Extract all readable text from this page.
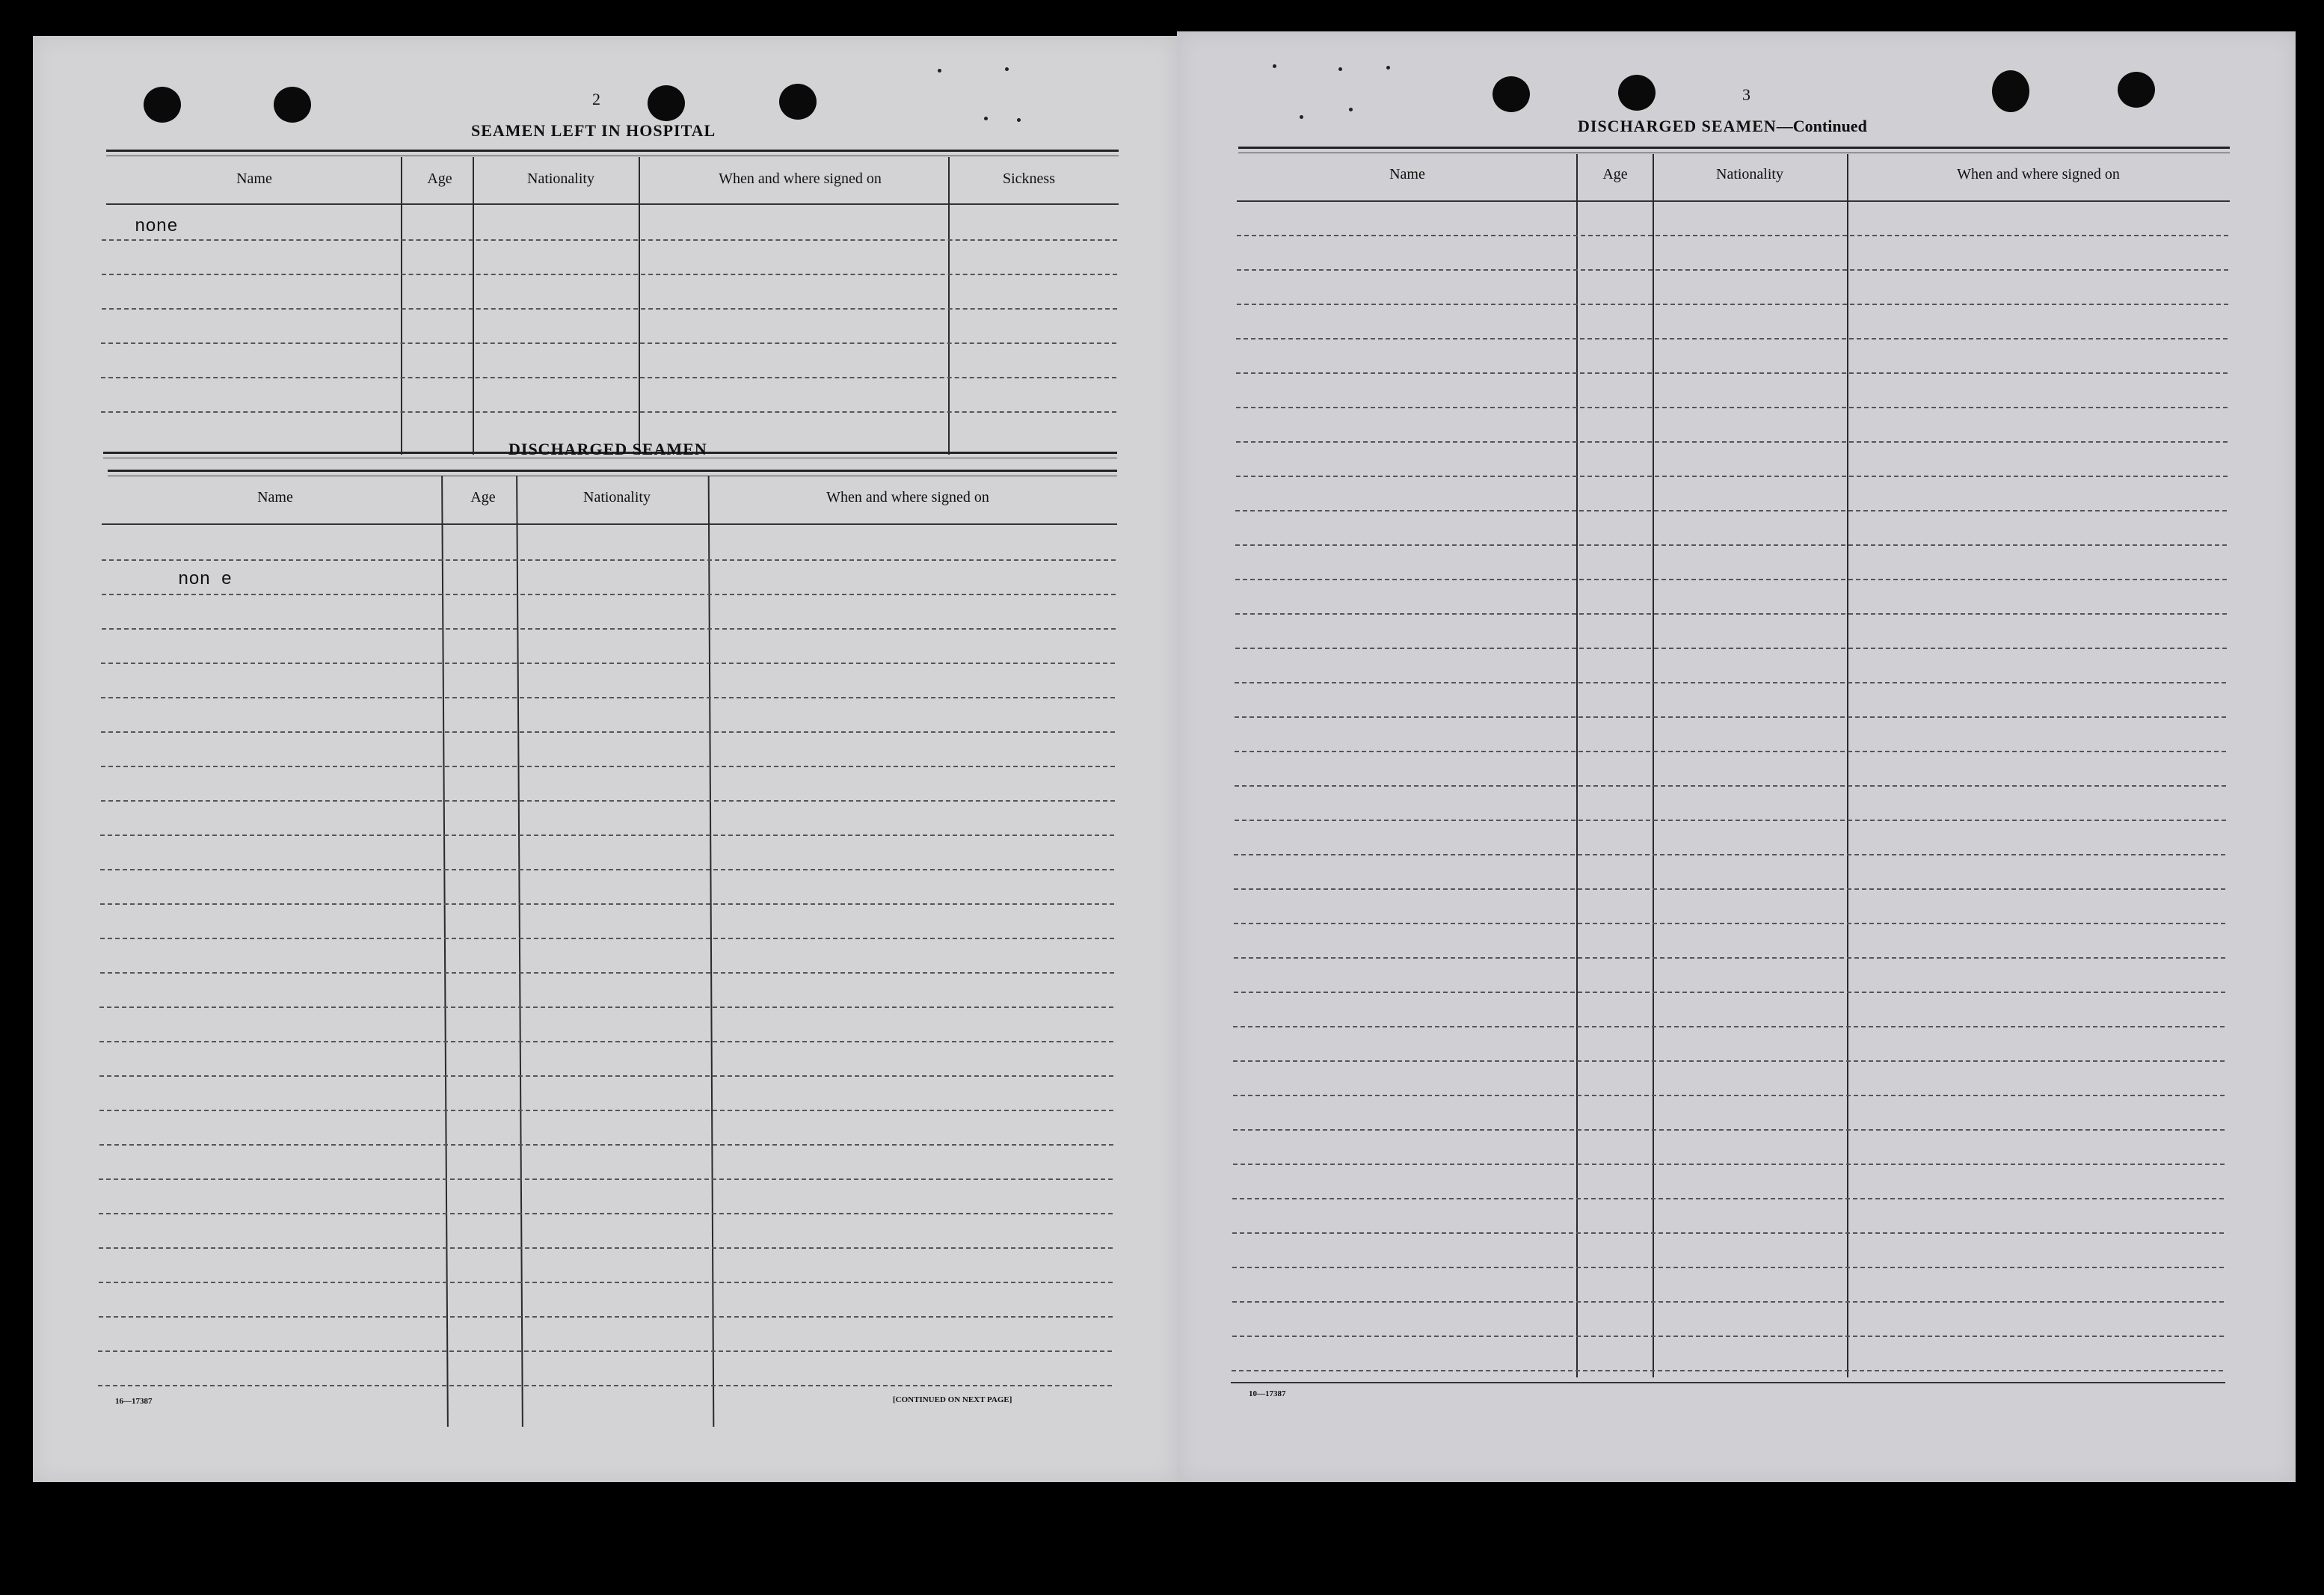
2
SEAMEN LEFT IN HOSPITAL
Name	Age	Nationality	When and where signed on	Sickness
none
DISCHARGED SEAMEN
Name	Age	Nationality	When and where signed on
non e
16—17387	[CONTINUED ON NEXT PAGE]
3
DISCHARGED SEAMEN—Continued
Name	Age	Nationality	When and where signed on
10—17387
